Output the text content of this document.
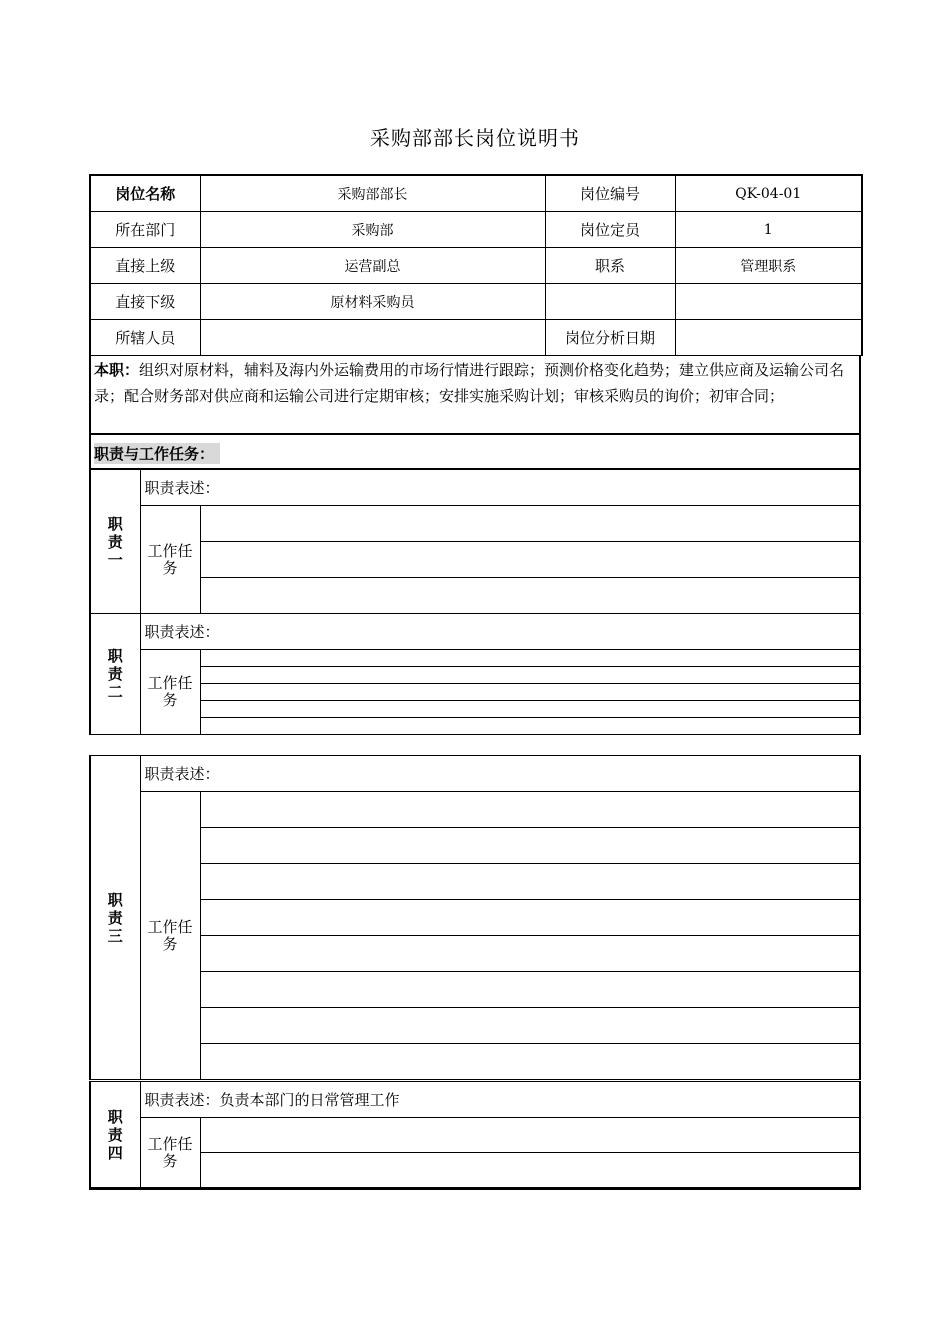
采购部部长岗位说明书
岗位名称	采购部部长	岗位编号	QK-04-01
所在部门	采购部	岗位定员	1
直接上级	运营副总	职系	管理职系
直接下级	原材料采购员		
所辖人员		岗位分析日期	
本职：组织对原材料，辅料及海内外运输费用的市场行情进行跟踪；预测价格变化趋势；建立供应商及运输公司名录；配合财务部对供应商和运输公司进行定期审核；安排实施采购计划；审核采购员的询价；初审合同；
职责与工作任务：
职责一	职责表述：	
	工作任务	

职责二	职责表述：	
	工作任务	

职责三	职责表述：	
	工作任务	

职责四	职责表述：负责本部门的日常管理工作	
	工作任务	
